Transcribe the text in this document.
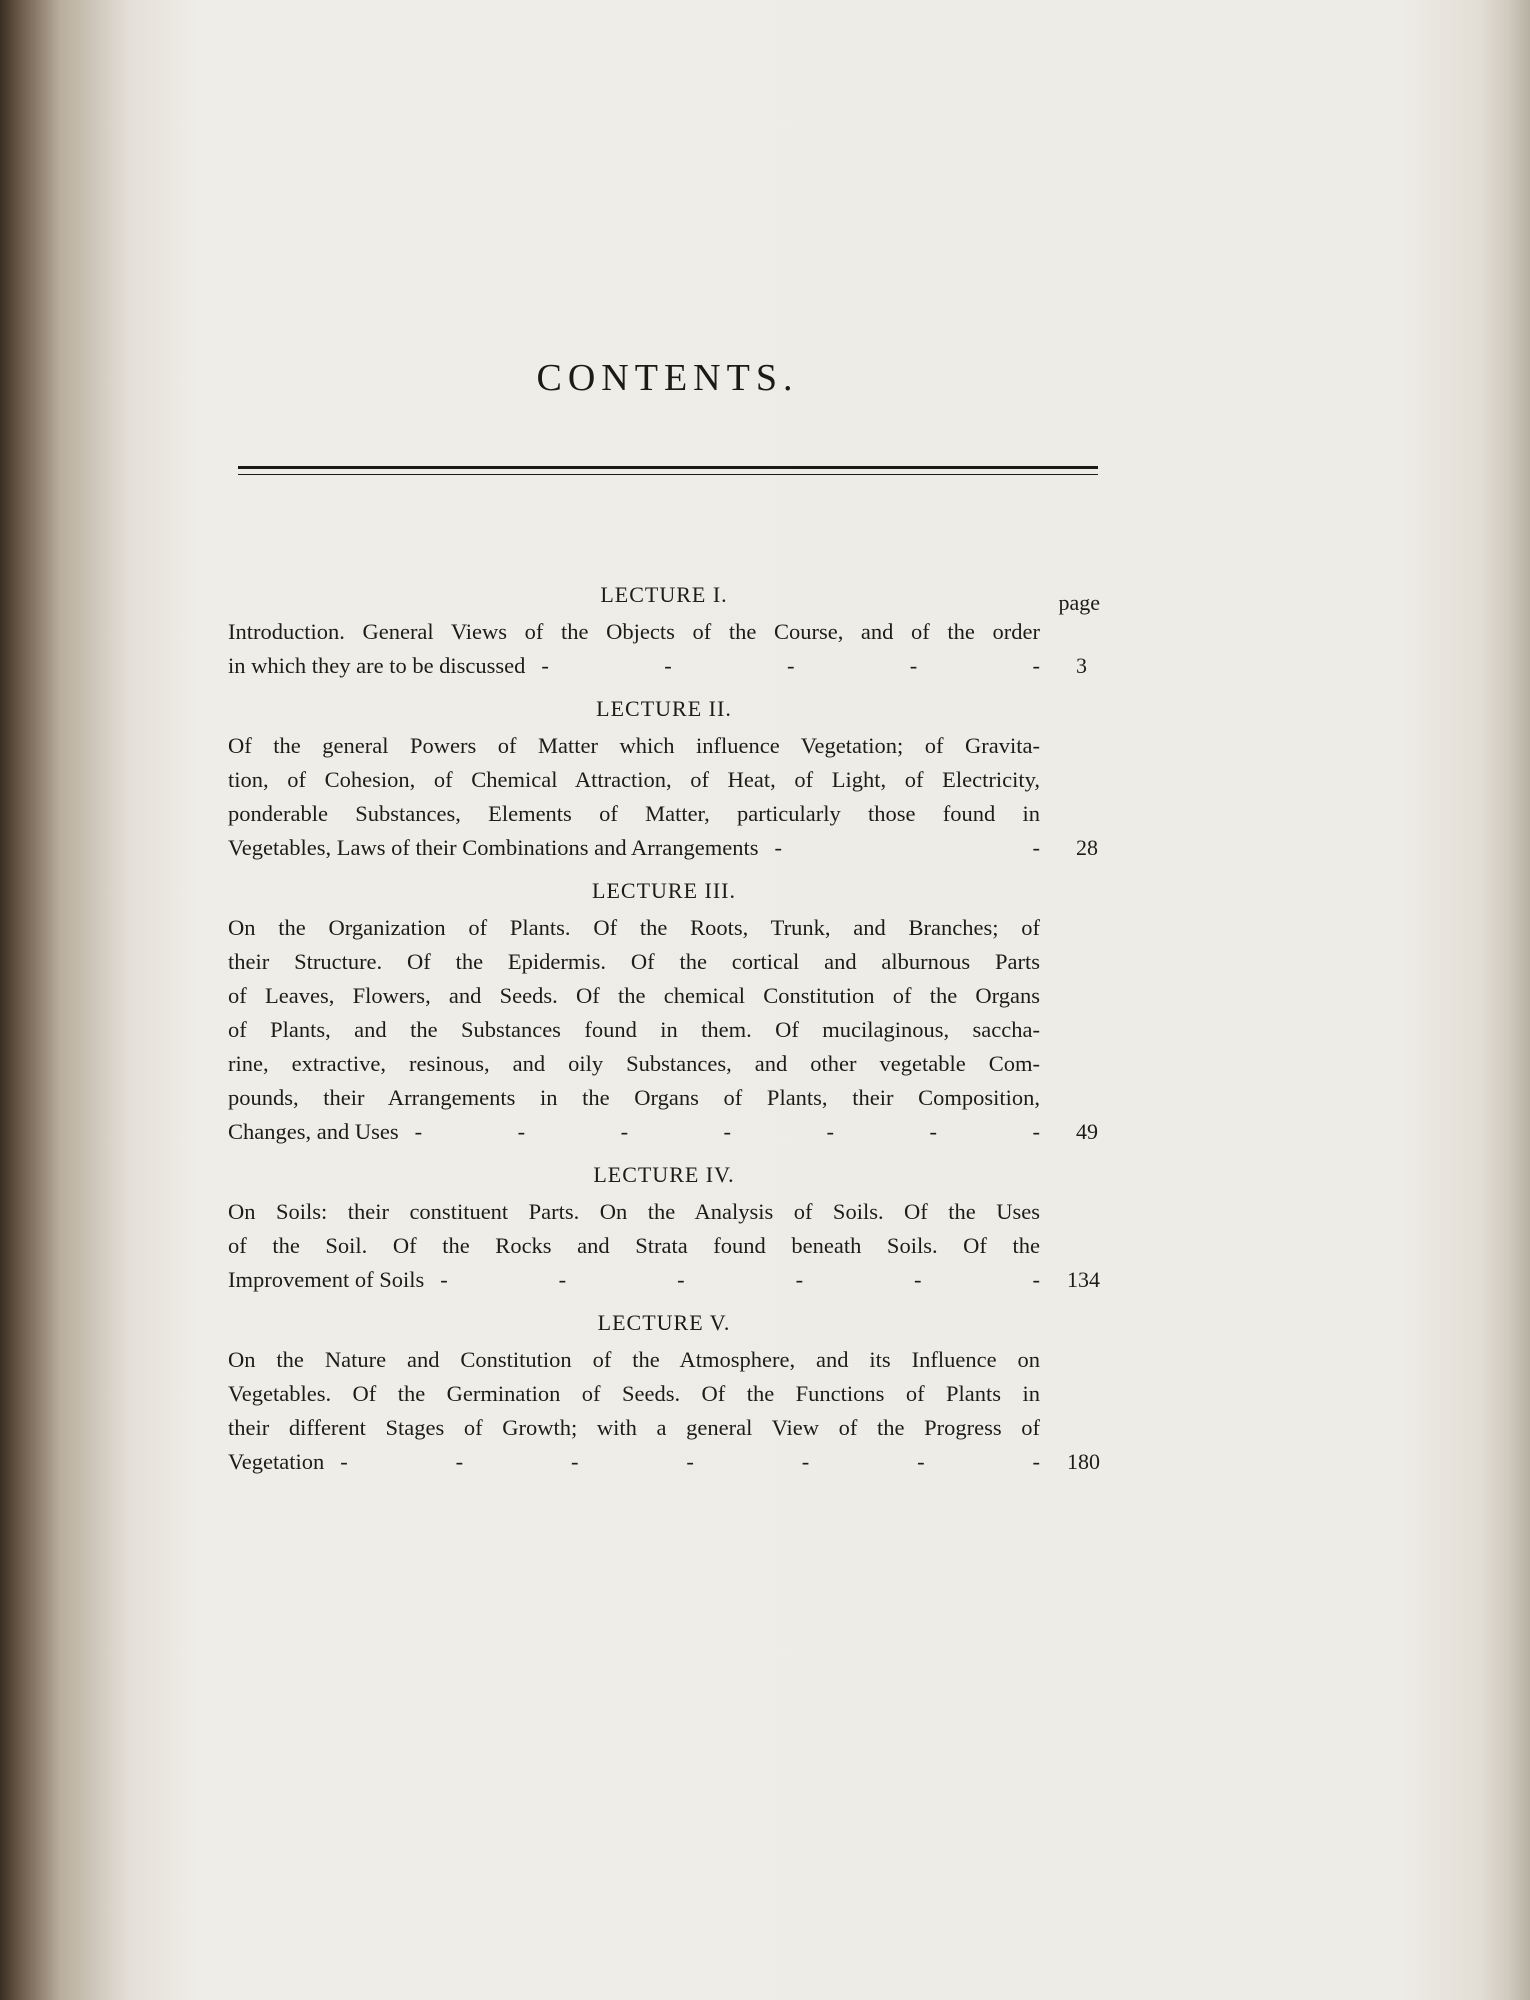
CONTENTS.
LECTURE I.	page
Introduction. General Views of the Objects of the Course, and of the order
in which they are to be discussed - - - - - 3
LECTURE II.
Of the general Powers of Matter which influence Vegetation; of Gravita-
tion, of Cohesion, of Chemical Attraction, of Heat, of Light, of Electricity,
ponderable Substances, Elements of Matter, particularly those found in
Vegetables, Laws of their Combinations and Arrangements - - 28
LECTURE III.
On the Organization of Plants. Of the Roots, Trunk, and Branches; of
their Structure. Of the Epidermis. Of the cortical and alburnous Parts
of Leaves, Flowers, and Seeds. Of the chemical Constitution of the Organs
of Plants, and the Substances found in them. Of mucilaginous, saccha-
rine, extractive, resinous, and oily Substances, and other vegetable Com-
pounds, their Arrangements in the Organs of Plants, their Composition,
Changes, and Uses - - - - - - - 49
LECTURE IV.
On Soils: their constituent Parts. On the Analysis of Soils. Of the Uses
of the Soil. Of the Rocks and Strata found beneath Soils. Of the
Improvement of Soils - - - - - - 134
LECTURE V.
On the Nature and Constitution of the Atmosphere, and its Influence on
Vegetables. Of the Germination of Seeds. Of the Functions of Plants in
their different Stages of Growth; with a general View of the Progress of
Vegetation - - - - - - - 180
